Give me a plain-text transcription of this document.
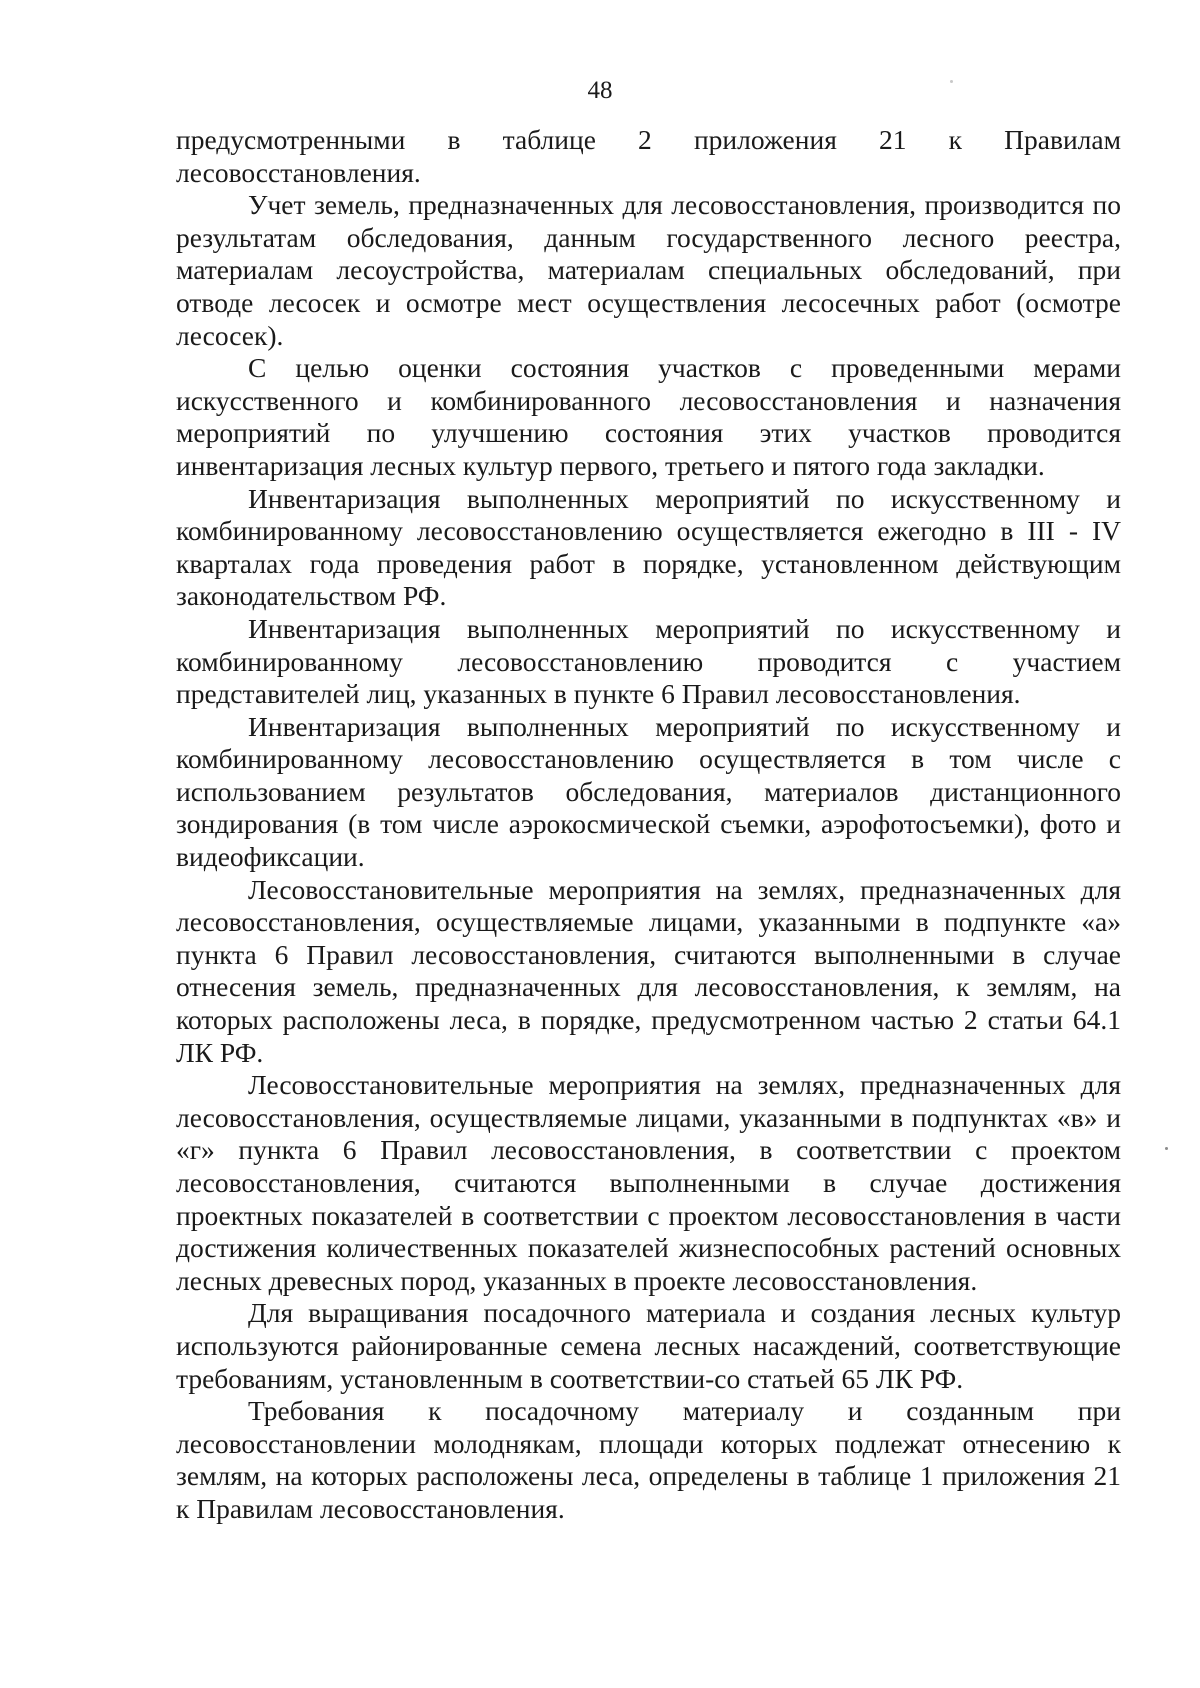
48

предусмотренными в таблице 2 приложения 21 к Правилам лесовосстановления.

Учет земель, предназначенных для лесовосстановления, производится по результатам обследования, данным государственного лесного реестра, материалам лесоустройства, материалам специальных обследований, при отводе лесосек и осмотре мест осуществления лесосечных работ (осмотре лесосек).

С целью оценки состояния участков с проведенными мерами искусственного и комбинированного лесовосстановления и назначения мероприятий по улучшению состояния этих участков проводится инвентаризация лесных культур первого, третьего и пятого года закладки.

Инвентаризация выполненных мероприятий по искусственному и комбинированному лесовосстановлению осуществляется ежегодно в III - IV кварталах года проведения работ в порядке, установленном действующим законодательством РФ.

Инвентаризация выполненных мероприятий по искусственному и комбинированному лесовосстановлению проводится с участием представителей лиц, указанных в пункте 6 Правил лесовосстановления.

Инвентаризация выполненных мероприятий по искусственному и комбинированному лесовосстановлению осуществляется в том числе с использованием результатов обследования, материалов дистанционного зондирования (в том числе аэрокосмической съемки, аэрофотосъемки), фото и видеофиксации.

Лесовосстановительные мероприятия на землях, предназначенных для лесовосстановления, осуществляемые лицами, указанными в подпункте «а» пункта 6 Правил лесовосстановления, считаются выполненными в случае отнесения земель, предназначенных для лесовосстановления, к землям, на которых расположены леса, в порядке, предусмотренном частью 2 статьи 64.1 ЛК РФ.

Лесовосстановительные мероприятия на землях, предназначенных для лесовосстановления, осуществляемые лицами, указанными в подпунктах «в» и «г» пункта 6 Правил лесовосстановления, в соответствии с проектом лесовосстановления, считаются выполненными в случае достижения проектных показателей в соответствии с проектом лесовосстановления в части достижения количественных показателей жизнеспособных растений основных лесных древесных пород, указанных в проекте лесовосстановления.

Для выращивания посадочного материала и создания лесных культур используются районированные семена лесных насаждений, соответствующие требованиям, установленным в соответствии-со статьей 65 ЛК РФ.

Требования к посадочному материалу и созданным при лесовосстановлении молоднякам, площади которых подлежат отнесению к землям, на которых расположены леса, определены в таблице 1 приложения 21 к Правилам лесовосстановления.
